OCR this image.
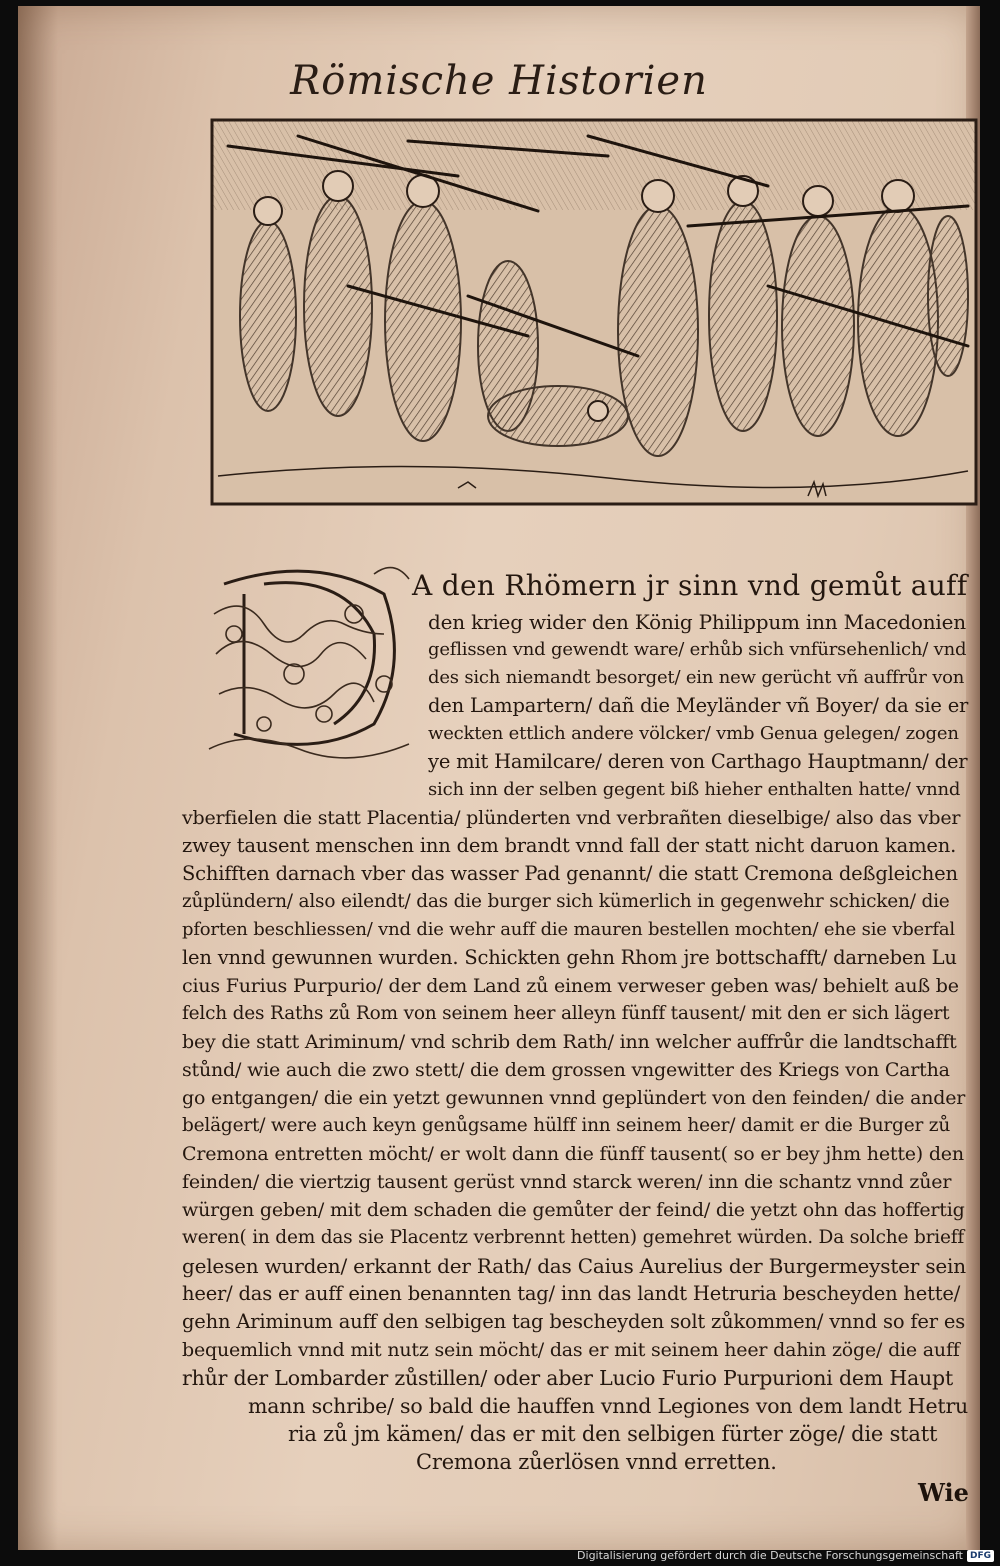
Römische Historien
A den Rhömern jr sinn vnd gemůt auff
den krieg wider den König Philippum inn Macedonien
geflissen vnd gewendt ware/ erhůb sich vnfürsehenlich/ vnd
des sich niemandt besorget/ ein new gerücht vñ auffrůr von
den Lampartern/ dañ die Meyländer vñ Boyer/ da sie er
weckten ettlich andere völcker/ vmb Genua gelegen/ zogen
ye mit Hamilcare/ deren von Carthago Hauptmann/ der
sich inn der selben gegent biß hieher enthalten hatte/ vnnd
vberfielen die statt Placentia/ plünderten vnd verbrañten dieselbige/ also das vber
zwey tausent menschen inn dem brandt vnnd fall der statt nicht daruon kamen.
Schifften darnach vber das wasser Pad genannt/ die statt Cremona deßgleichen
zůplündern/ also eilendt/ das die burger sich kümerlich in gegenwehr schicken/ die
pforten beschliessen/ vnd die wehr auff die mauren bestellen mochten/ ehe sie vberfal
len vnnd gewunnen wurden. Schickten gehn Rhom jre bottschafft/ darneben Lu
cius Furius Purpurio/ der dem Land zů einem verweser geben was/ behielt auß be
felch des Raths zů Rom von seinem heer alleyn fünff tausent/ mit den er sich lägert
bey die statt Ariminum/ vnd schrib dem Rath/ inn welcher auffrůr die landtschafft
stůnd/ wie auch die zwo stett/ die dem grossen vngewitter des Kriegs von Cartha
go entgangen/ die ein yetzt gewunnen vnnd geplündert von den feinden/ die ander
belägert/ were auch keyn genůgsame hülff inn seinem heer/ damit er die Burger zů
Cremona entretten möcht/ er wolt dann die fünff tausent( so er bey jhm hette) den
feinden/ die viertzig tausent gerüst vnnd starck weren/ inn die schantz vnnd zůer
würgen geben/ mit dem schaden die gemůter der feind/ die yetzt ohn das hoffertig
weren( in dem das sie Placentz verbrennt hetten) gemehret würden. Da solche brieff
gelesen wurden/ erkannt der Rath/ das Caius Aurelius der Burgermeyster sein
heer/ das er auff einen benannten tag/ inn das landt Hetruria bescheyden hette/
gehn Ariminum auff den selbigen tag bescheyden solt zůkommen/ vnnd so fer es
bequemlich vnnd mit nutz sein möcht/ das er mit seinem heer dahin zöge/ die auff
rhůr der Lombarder zůstillen/ oder aber Lucio Furio Purpurioni dem Haupt
mann schribe/ so bald die hauffen vnnd Legiones von dem landt Hetru
ria zů jm kämen/ das er mit den selbigen fürter zöge/ die statt
Cremona zůerlösen vnnd erretten.
Wie
Digitalisierung gefördert durch die Deutsche Forschungsgemeinschaft DFG
